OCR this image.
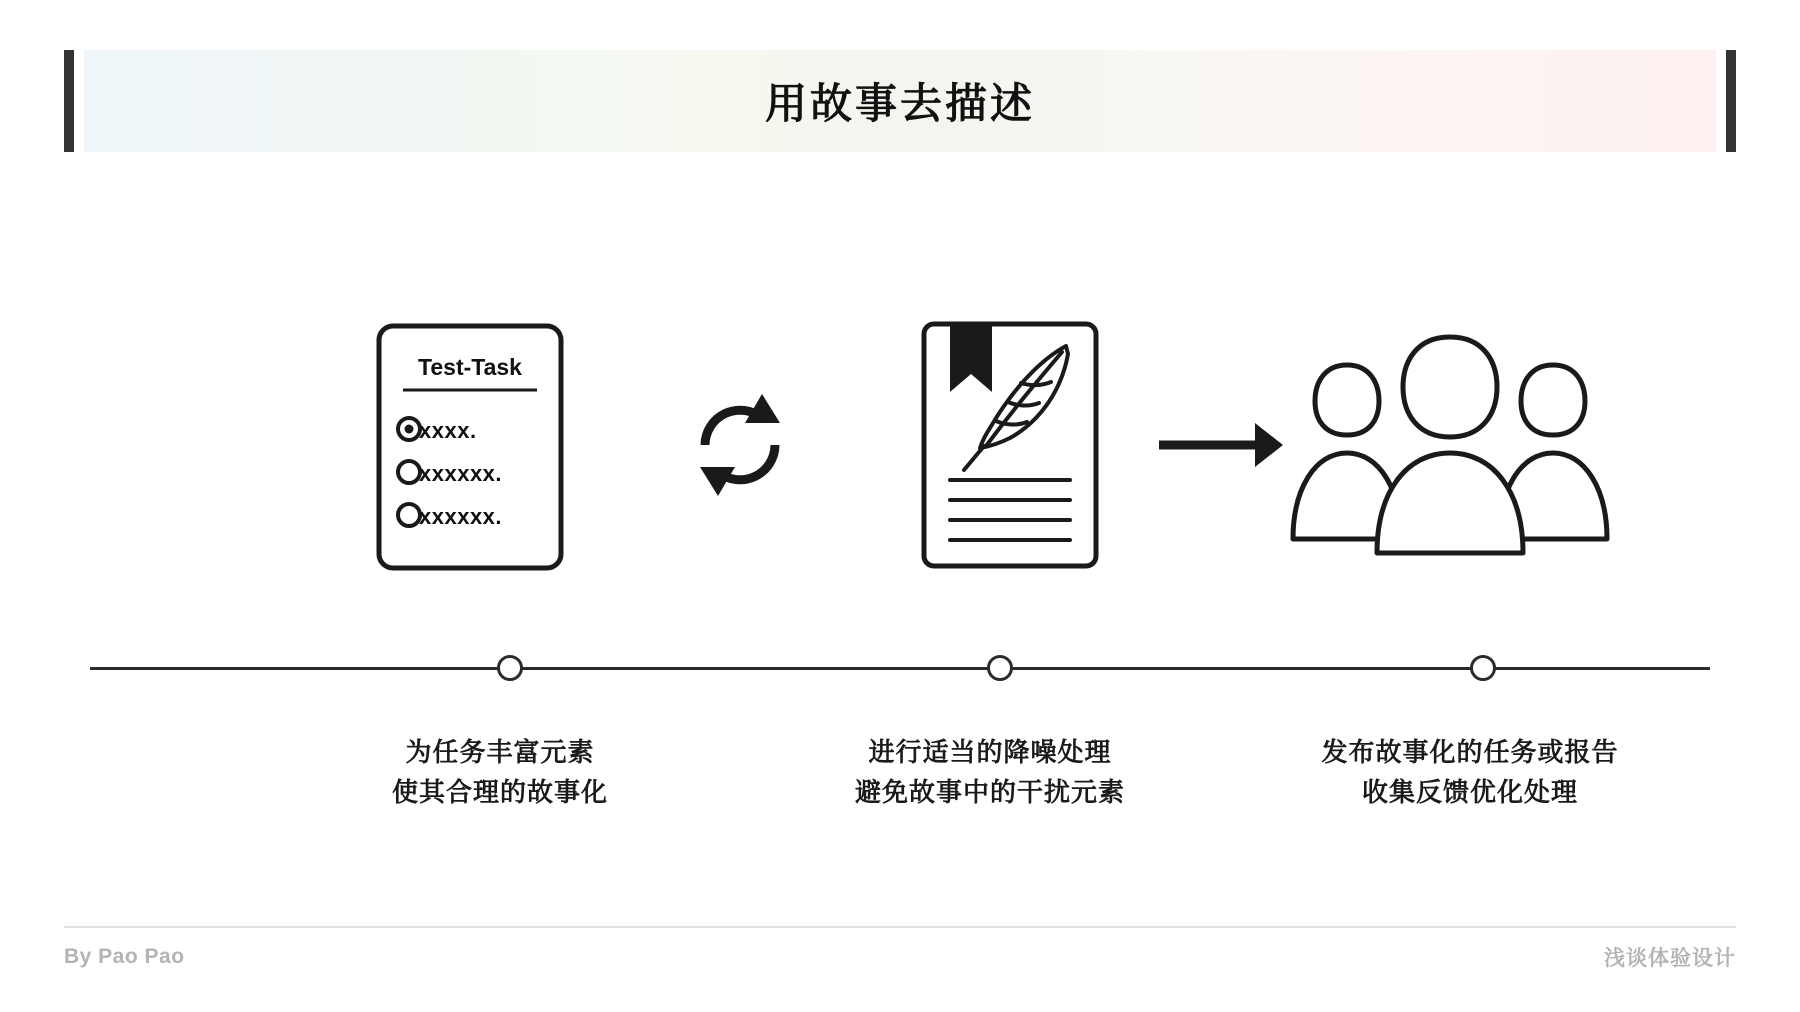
用故事去描述
Test-Task
xxxx.
xxxxxx.
xxxxxx.
为任务丰富元素
使其合理的故事化
进行适当的降噪处理
避免故事中的干扰元素
发布故事化的任务或报告
收集反馈优化处理
By Pao Pao	浅谈体验设计
